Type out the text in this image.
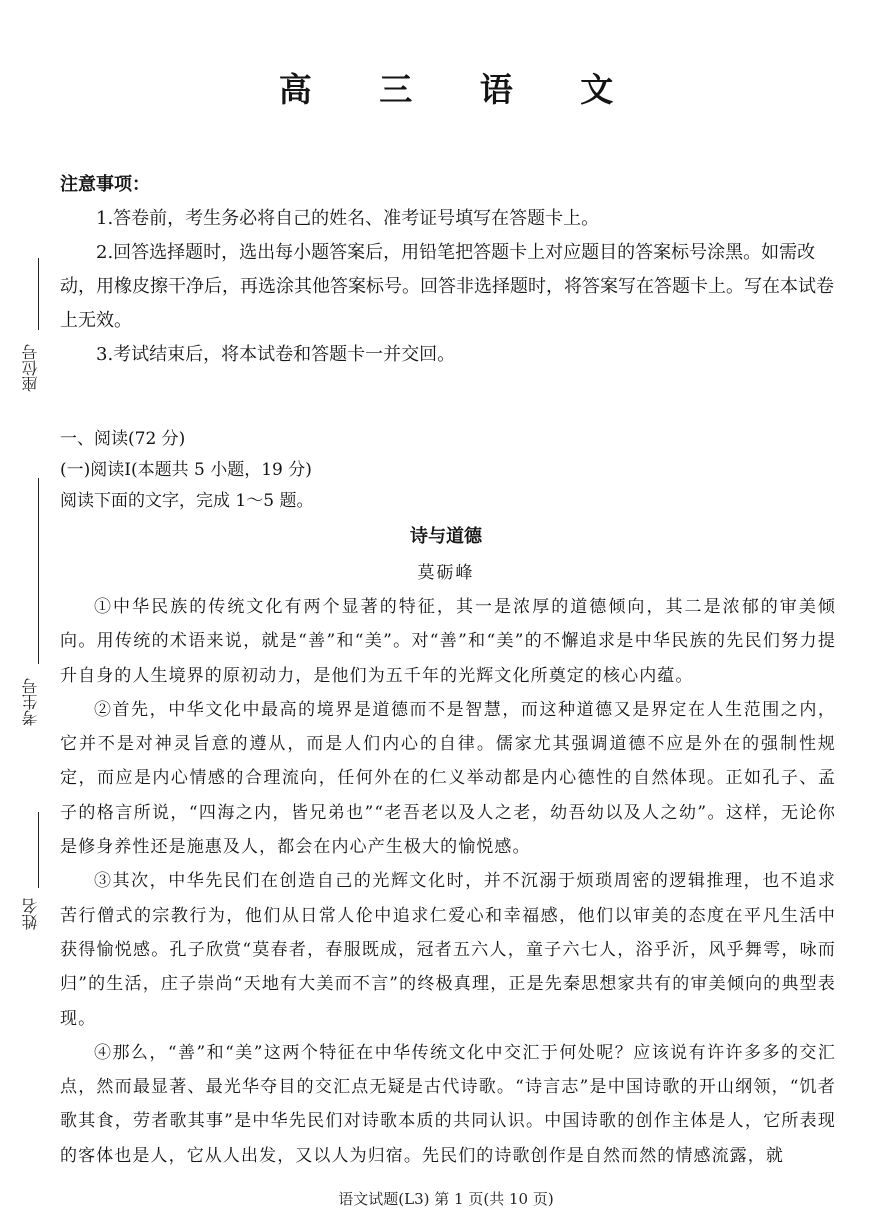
座位号
考生号
姓名
高 三 语 文
注意事项：

1.答卷前，考生务必将自己的姓名、准考证号填写在答题卡上。

2.回答选择题时，选出每小题答案后，用铅笔把答题卡上对应题目的答案标号涂黑。如需改动，用橡皮擦干净后，再选涂其他答案标号。回答非选择题时，将答案写在答题卡上。写在本试卷上无效。

3.考试结束后，将本试卷和答题卡一并交回。

一、阅读(72 分)

(一)阅读Ⅰ(本题共 5 小题，19 分)

阅读下面的文字，完成 1～5 题。

诗与道德
莫砺峰

①中华民族的传统文化有两个显著的特征，其一是浓厚的道德倾向，其二是浓郁的审美倾向。用传统的术语来说，就是“善”和“美”。对“善”和“美”的不懈追求是中华民族的先民们努力提升自身的人生境界的原初动力，是他们为五千年的光辉文化所奠定的核心内蕴。

②首先，中华文化中最高的境界是道德而不是智慧，而这种道德又是界定在人生范围之内，它并不是对神灵旨意的遵从，而是人们内心的自律。儒家尤其强调道德不应是外在的强制性规定，而应是内心情感的合理流向，任何外在的仁义举动都是内心德性的自然体现。正如孔子、孟子的格言所说，“四海之内，皆兄弟也”“老吾老以及人之老，幼吾幼以及人之幼”。这样，无论你是修身养性还是施惠及人，都会在内心产生极大的愉悦感。

③其次，中华先民们在创造自己的光辉文化时，并不沉溺于烦琐周密的逻辑推理，也不追求苦行僧式的宗教行为，他们从日常人伦中追求仁爱心和幸福感，他们以审美的态度在平凡生活中获得愉悦感。孔子欣赏“莫春者，春服既成，冠者五六人，童子六七人，浴乎沂，风乎舞雩，咏而归”的生活，庄子崇尚“天地有大美而不言”的终极真理，正是先秦思想家共有的审美倾向的典型表现。

④那么，“善”和“美”这两个特征在中华传统文化中交汇于何处呢？应该说有许许多多的交汇点，然而最显著、最光华夺目的交汇点无疑是古代诗歌。“诗言志”是中国诗歌的开山纲领，“饥者歌其食，劳者歌其事”是中华先民们对诗歌本质的共同认识。中国诗歌的创作主体是人，它所表现的客体也是人，它从人出发，又以人为归宿。先民们的诗歌创作是自然而然的情感流露，就

语文试题(L3) 第 1 页(共 10 页)
